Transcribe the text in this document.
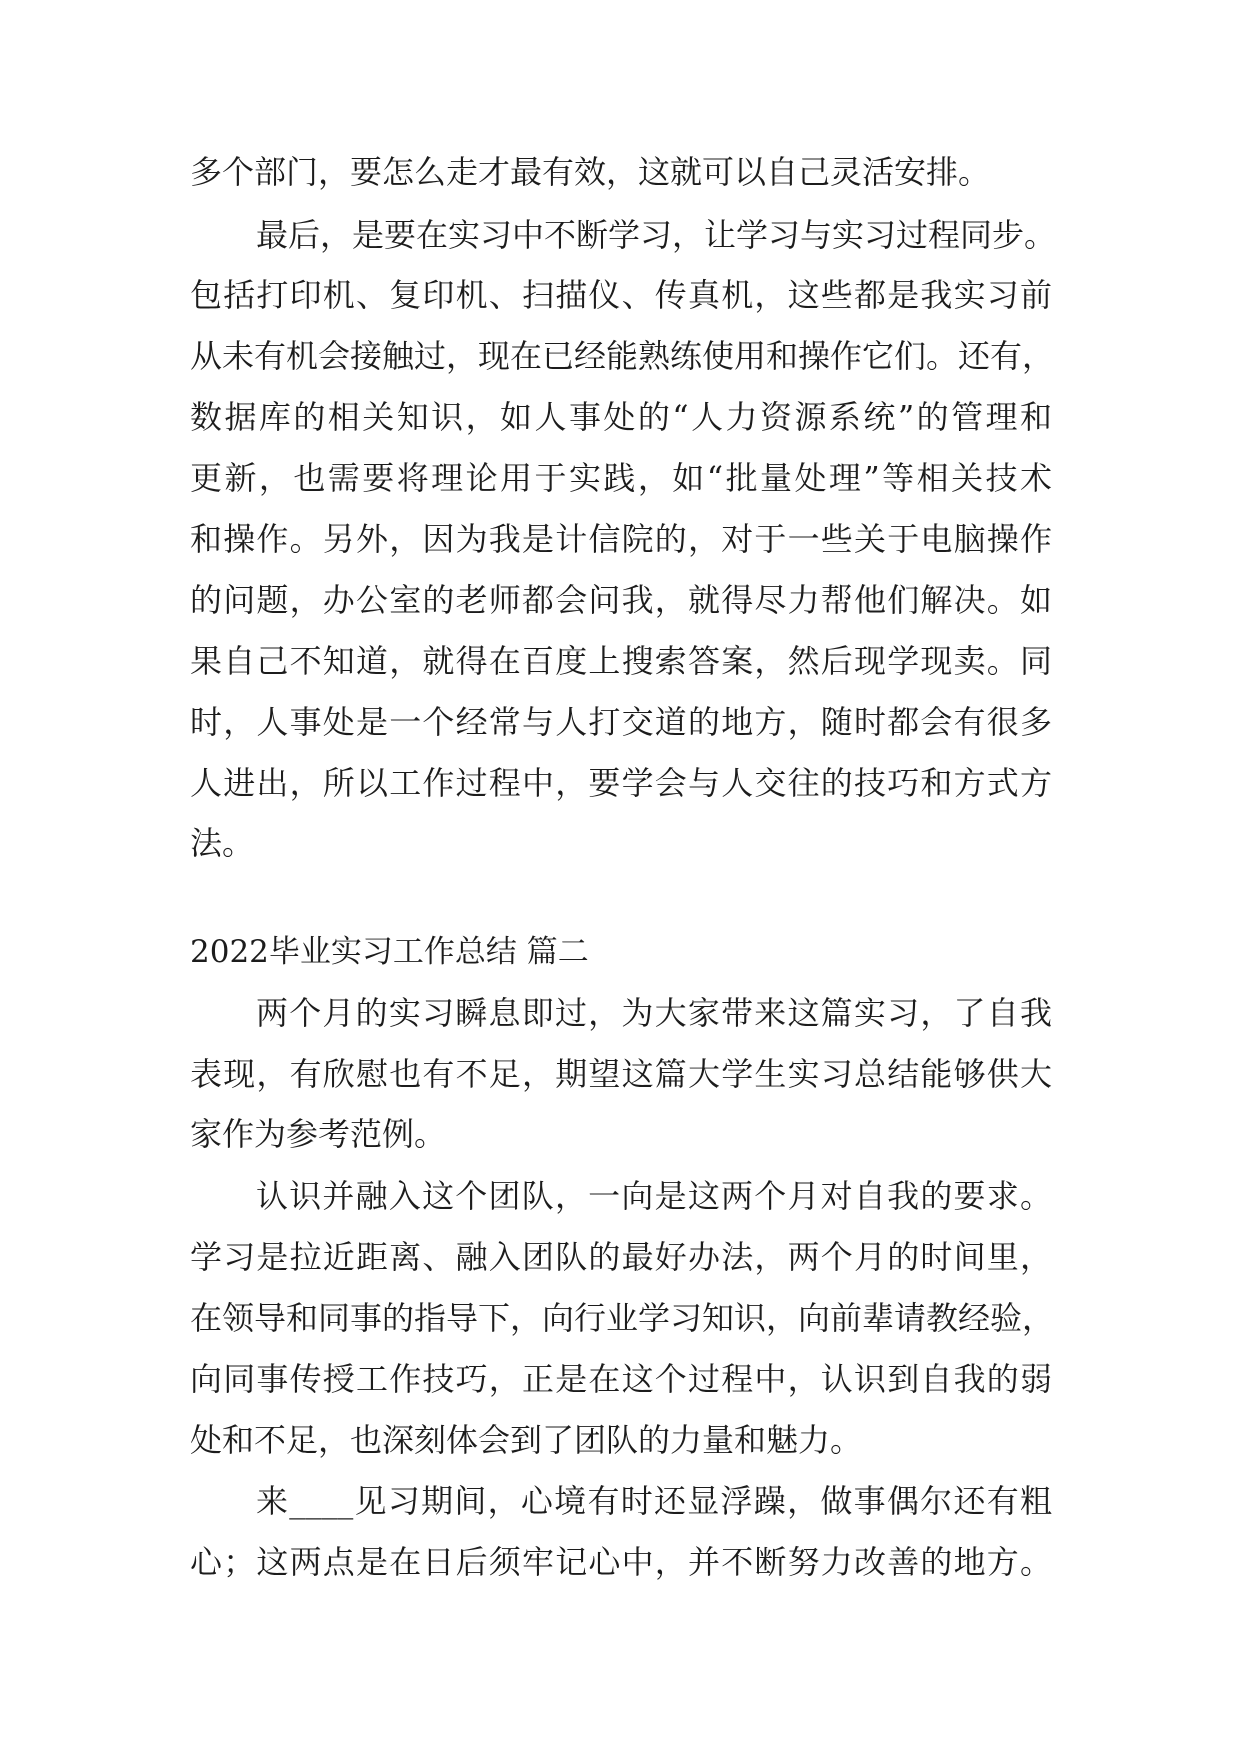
多个部门，要怎么走才最有效，这就可以自己灵活安排。

最后，是要在实习中不断学习，让学习与实习过程同步。

包括打印机、复印机、扫描仪、传真机，这些都是我实习前

从未有机会接触过，现在已经能熟练使用和操作它们。还有，

数据库的相关知识，如人事处的“人力资源系统”的管理和

更新，也需要将理论用于实践，如“批量处理”等相关技术

和操作。另外，因为我是计信院的，对于一些关于电脑操作

的问题，办公室的老师都会问我，就得尽力帮他们解决。如

果自己不知道，就得在百度上搜索答案，然后现学现卖。同

时，人事处是一个经常与人打交道的地方，随时都会有很多

人进出，所以工作过程中，要学会与人交往的技巧和方式方

法。

2022毕业实习工作总结 篇二

两个月的实习瞬息即过，为大家带来这篇实习，了自我

表现，有欣慰也有不足，期望这篇大学生实习总结能够供大

家作为参考范例。

认识并融入这个团队，一向是这两个月对自我的要求。

学习是拉近距离、融入团队的最好办法，两个月的时间里，

在领导和同事的指导下，向行业学习知识，向前辈请教经验，

向同事传授工作技巧，正是在这个过程中，认识到自我的弱

处和不足，也深刻体会到了团队的力量和魅力。

来____见习期间，心境有时还显浮躁，做事偶尔还有粗

心；这两点是在日后须牢记心中，并不断努力改善的地方。
